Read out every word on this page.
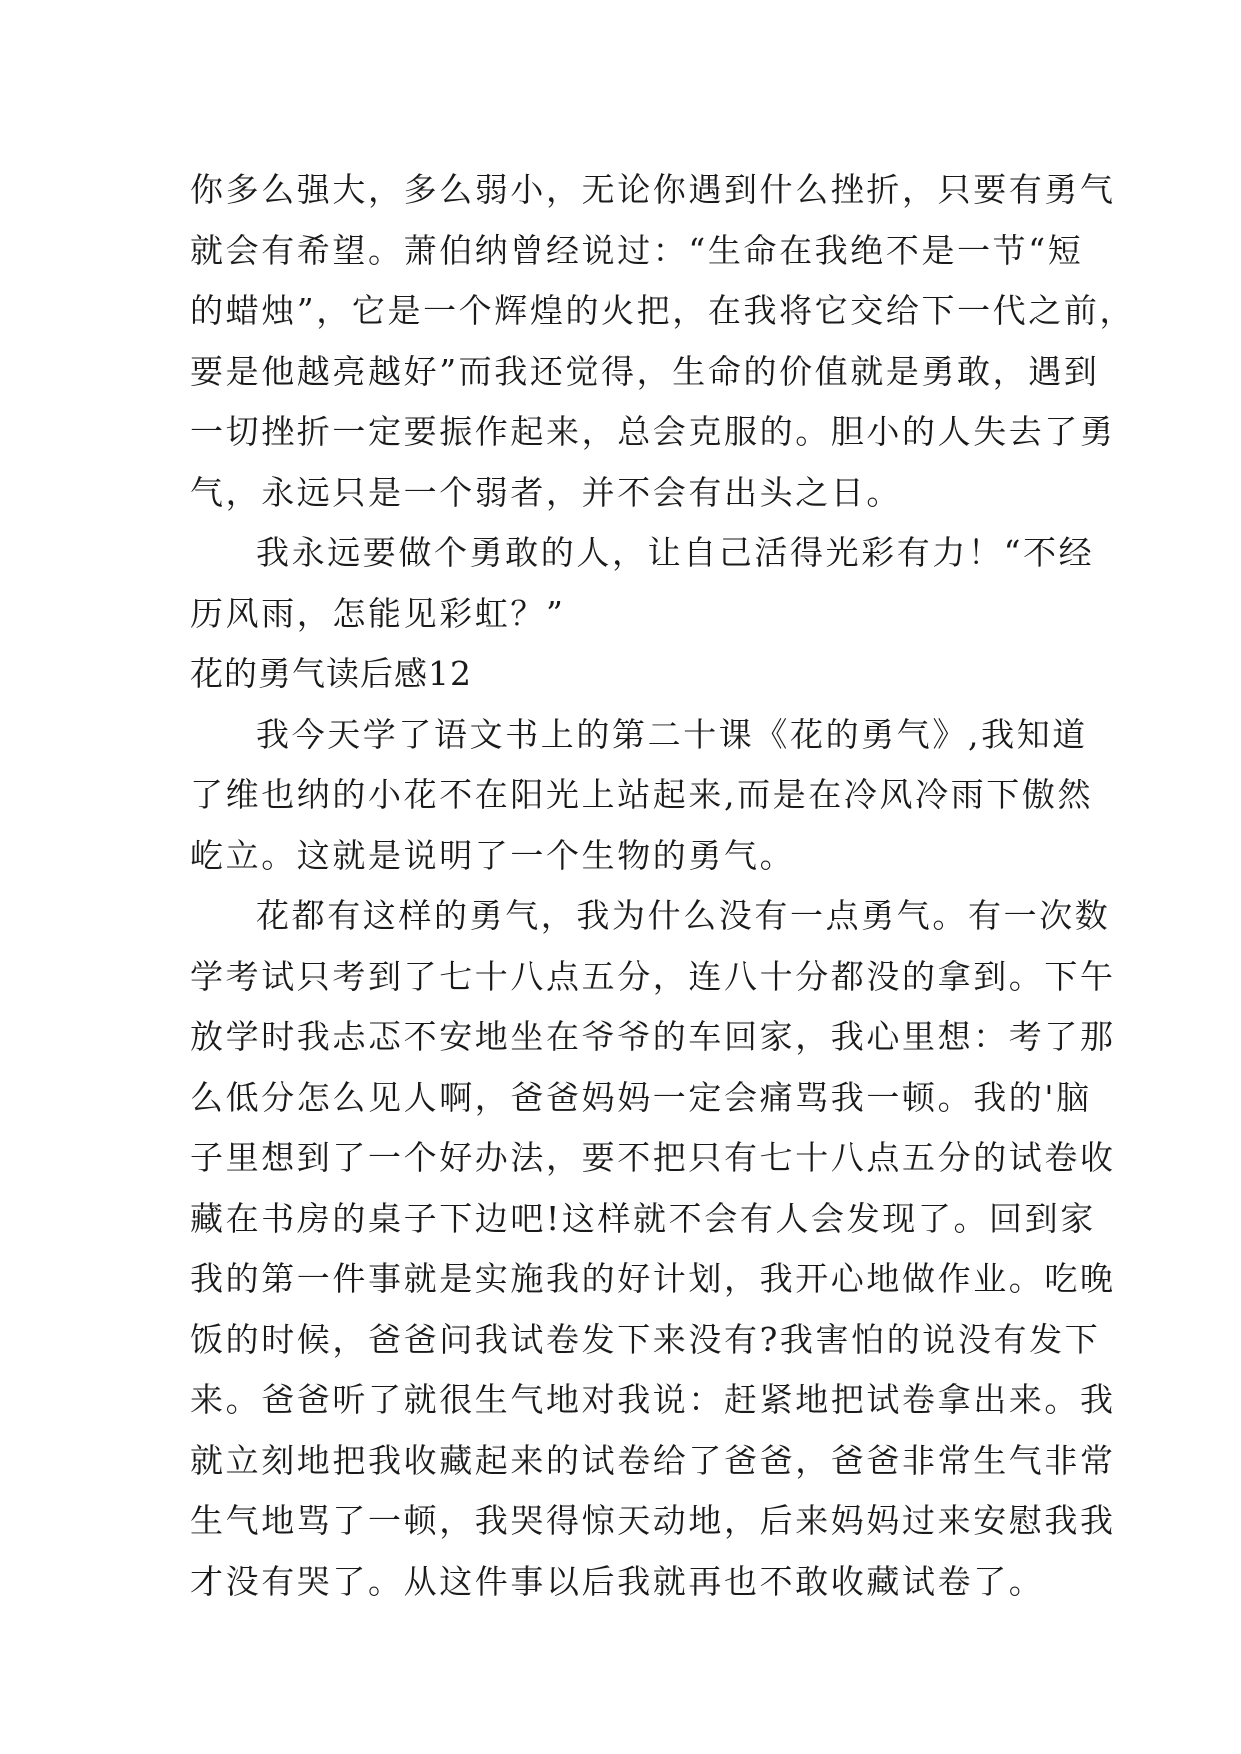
你多么强大，多么弱小，无论你遇到什么挫折，只要有勇气
就会有希望。萧伯纳曾经说过：“生命在我绝不是一节“短
的蜡烛”，它是一个辉煌的火把，在我将它交给下一代之前，
要是他越亮越好”而我还觉得，生命的价值就是勇敢，遇到
一切挫折一定要振作起来，总会克服的。胆小的人失去了勇
气，永远只是一个弱者，并不会有出头之日。
我永远要做个勇敢的人，让自己活得光彩有力！“不经
历风雨，怎能见彩虹？”
花的勇气读后感12
我今天学了语文书上的第二十课《花的勇气》,我知道
了维也纳的小花不在阳光上站起来,而是在冷风冷雨下傲然
屹立。这就是说明了一个生物的勇气。
花都有这样的勇气，我为什么没有一点勇气。有一次数
学考试只考到了七十八点五分，连八十分都没的拿到。下午
放学时我忐忑不安地坐在爷爷的车回家，我心里想：考了那
么低分怎么见人啊，爸爸妈妈一定会痛骂我一顿。我的'脑
子里想到了一个好办法，要不把只有七十八点五分的试卷收
藏在书房的桌子下边吧!这样就不会有人会发现了。回到家
我的第一件事就是实施我的好计划，我开心地做作业。吃晚
饭的时候，爸爸问我试卷发下来没有?我害怕的说没有发下
来。爸爸听了就很生气地对我说：赶紧地把试卷拿出来。我
就立刻地把我收藏起来的试卷给了爸爸，爸爸非常生气非常
生气地骂了一顿，我哭得惊天动地，后来妈妈过来安慰我我
才没有哭了。从这件事以后我就再也不敢收藏试卷了。
